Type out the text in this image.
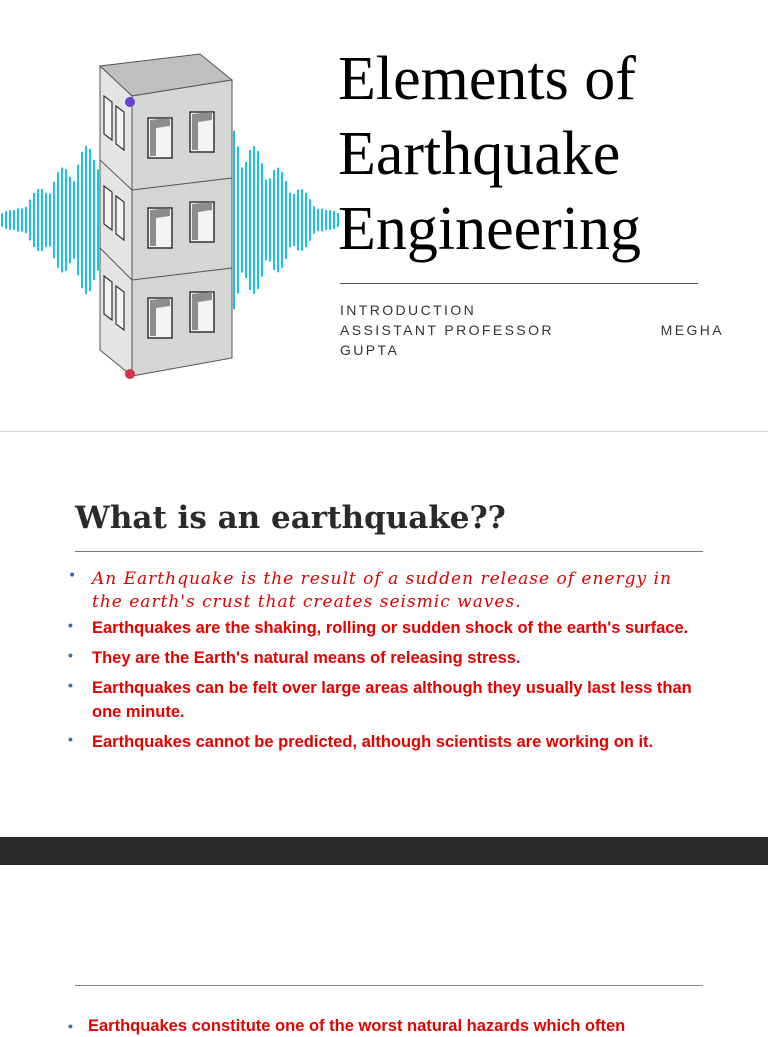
Elements of
Earthquake
Engineering
INTRODUCTION
ASSISTANT PROFESSOR	MEGHA
GUPTA
What is an earthquake??
• An Earthquake is the result of a sudden release of energy in the earth's crust that creates seismic waves.
• Earthquakes are the shaking, rolling or sudden shock of the earth's surface.
• They are the Earth's natural means of releasing stress.
• Earthquakes can be felt over large areas although they usually last less than one minute.
• Earthquakes cannot be predicted, although scientists are working on it.
• Earthquakes constitute one of the worst natural hazards which often
